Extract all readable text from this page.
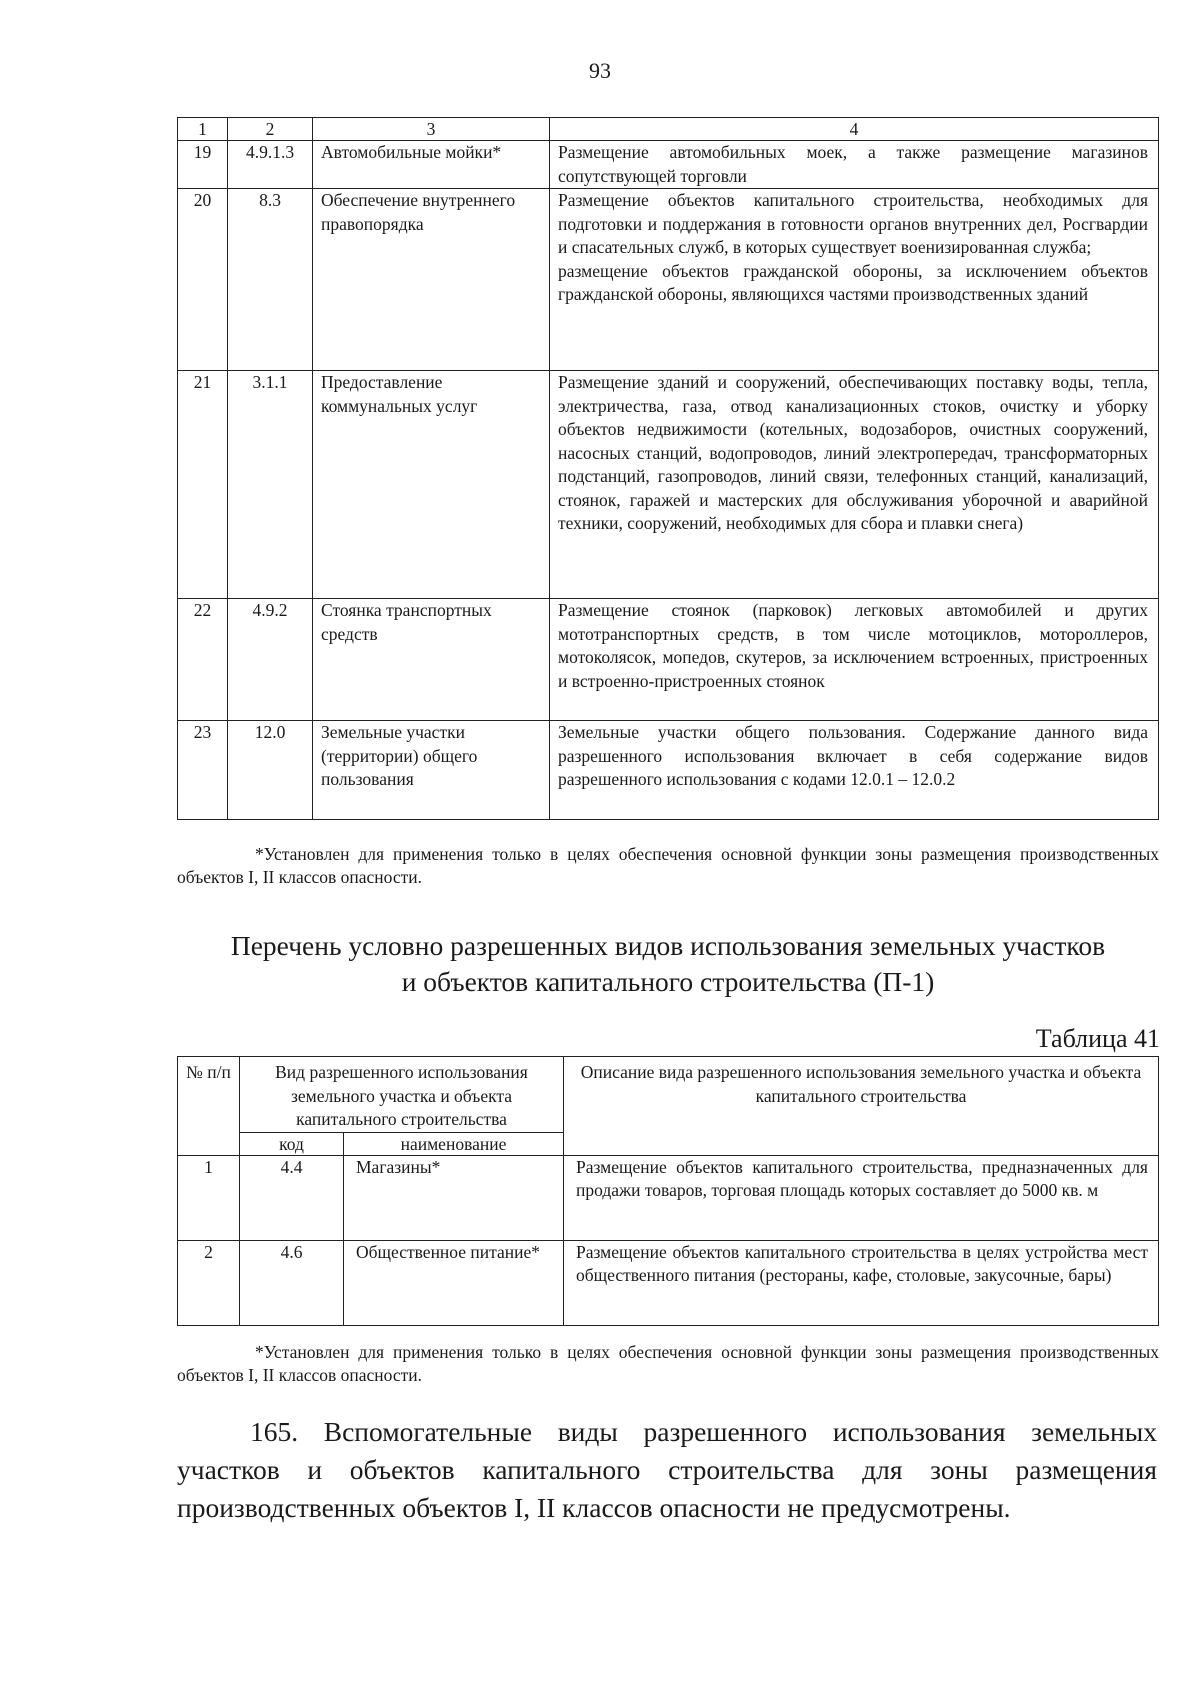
93
1	2	3	4
19	4.9.1.3	Автомобильные мойки*	Размещение автомобильных моек, а также размещение магазинов сопутствующей торговли
20	8.3	Обеспечение внутреннего правопорядка	Размещение объектов капитального строительства, необходимых для подготовки и поддержания в готовности органов внутренних дел, Росгвардии и спасательных служб, в которых существует военизированная служба;
размещение объектов гражданской обороны, за исключением объектов гражданской обороны, являющихся частями производственных зданий

21	3.1.1	Предоставление коммунальных услуг	Размещение зданий и сооружений, обеспечивающих поставку воды, тепла, электричества, газа, отвод канализационных стоков, очистку и уборку объектов недвижимости (котельных, водозаборов, очистных сооружений, насосных станций, водопроводов, линий электропередач, трансформаторных подстанций, газопроводов, линий связи, телефонных станций, канализаций, стоянок, гаражей и мастерских для обслуживания уборочной и аварийной техники, сооружений, необходимых для сбора и плавки снега)
22	4.9.2	Стоянка транспортных средств	Размещение стоянок (парковок) легковых автомобилей и других мототранспортных средств, в том числе мотоциклов, мотороллеров, мотоколясок, мопедов, скутеров, за исключением встроенных, пристроенных и встроенно-пристроенных стоянок
23	12.0	Земельные участки (территории) общего пользования	Земельные участки общего пользования. Содержание данного вида разрешенного использования включает в себя содержание видов разрешенного использования с кодами 12.0.1 – 12.0.2
*Установлен для применения только в целях обеспечения основной функции зоны размещения производственных объектов I, II классов опасности.
Перечень условно разрешенных видов использования земельных участков
и объектов капитального строительства (П-1)
Таблица 41
№ п/п	Вид разрешенного использования земельного участка и объекта капитального строительства		Описание вида разрешенного использования земельного участка и объекта капитального строительства
	код	наименование	
1	4.4	Магазины*	Размещение объектов капитального строительства, предназначенных для продажи товаров, торговая площадь которых составляет до 5000 кв. м
2	4.6	Общественное питание*	Размещение объектов капитального строительства в целях устройства мест общественного питания (рестораны, кафе, столовые, закусочные, бары)
*Установлен для применения только в целях обеспечения основной функции зоны размещения производственных объектов I, II классов опасности.
165. Вспомогательные виды разрешенного использования земельных участков и объектов капитального строительства для зоны размещения производственных объектов I, II классов опасности не предусмотрены.
